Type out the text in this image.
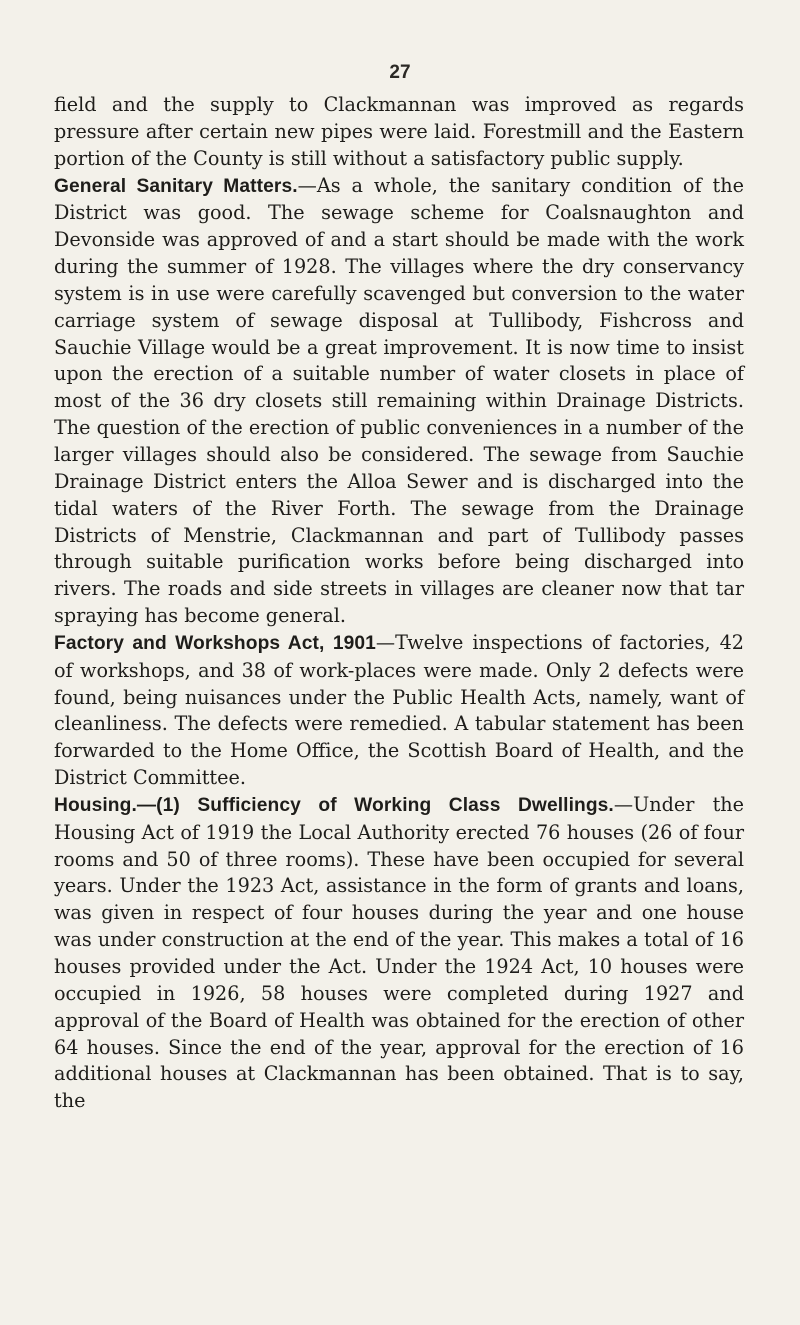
27

field and the supply to Clackmannan was improved as regards pressure after certain new pipes were laid. Forestmill and the Eastern portion of the County is still without a satisfactory public supply.

General Sanitary Matters.—As a whole, the sanitary condition of the District was good. The sewage scheme for Coalsnaughton and Devonside was approved of and a start should be made with the work during the summer of 1928. The villages where the dry conservancy system is in use were carefully scavenged but conversion to the water carriage system of sewage disposal at Tullibody, Fishcross and Sauchie Village would be a great improvement. It is now time to insist upon the erection of a suitable number of water closets in place of most of the 36 dry closets still remaining within Drainage Districts. The question of the erection of public conveniences in a number of the larger villages should also be considered. The sewage from Sauchie Drainage District enters the Alloa Sewer and is discharged into the tidal waters of the River Forth. The sewage from the Drainage Districts of Menstrie, Clackmannan and part of Tullibody passes through suitable purification works before being discharged into rivers. The roads and side streets in villages are cleaner now that tar spraying has become general.

Factory and Workshops Act, 1901—Twelve inspections of factories, 42 of workshops, and 38 of work-places were made. Only 2 defects were found, being nuisances under the Public Health Acts, namely, want of cleanliness. The defects were remedied. A tabular statement has been forwarded to the Home Office, the Scottish Board of Health, and the District Committee.

Housing.—(1) Sufficiency of Working Class Dwellings.—Under the Housing Act of 1919 the Local Authority erected 76 houses (26 of four rooms and 50 of three rooms). These have been occupied for several years. Under the 1923 Act, assistance in the form of grants and loans, was given in respect of four houses during the year and one house was under construction at the end of the year. This makes a total of 16 houses provided under the Act. Under the 1924 Act, 10 houses were occupied in 1926, 58 houses were completed during 1927 and approval of the Board of Health was obtained for the erection of other 64 houses. Since the end of the year, approval for the erection of 16 additional houses at Clackmannan has been obtained. That is to say, the
